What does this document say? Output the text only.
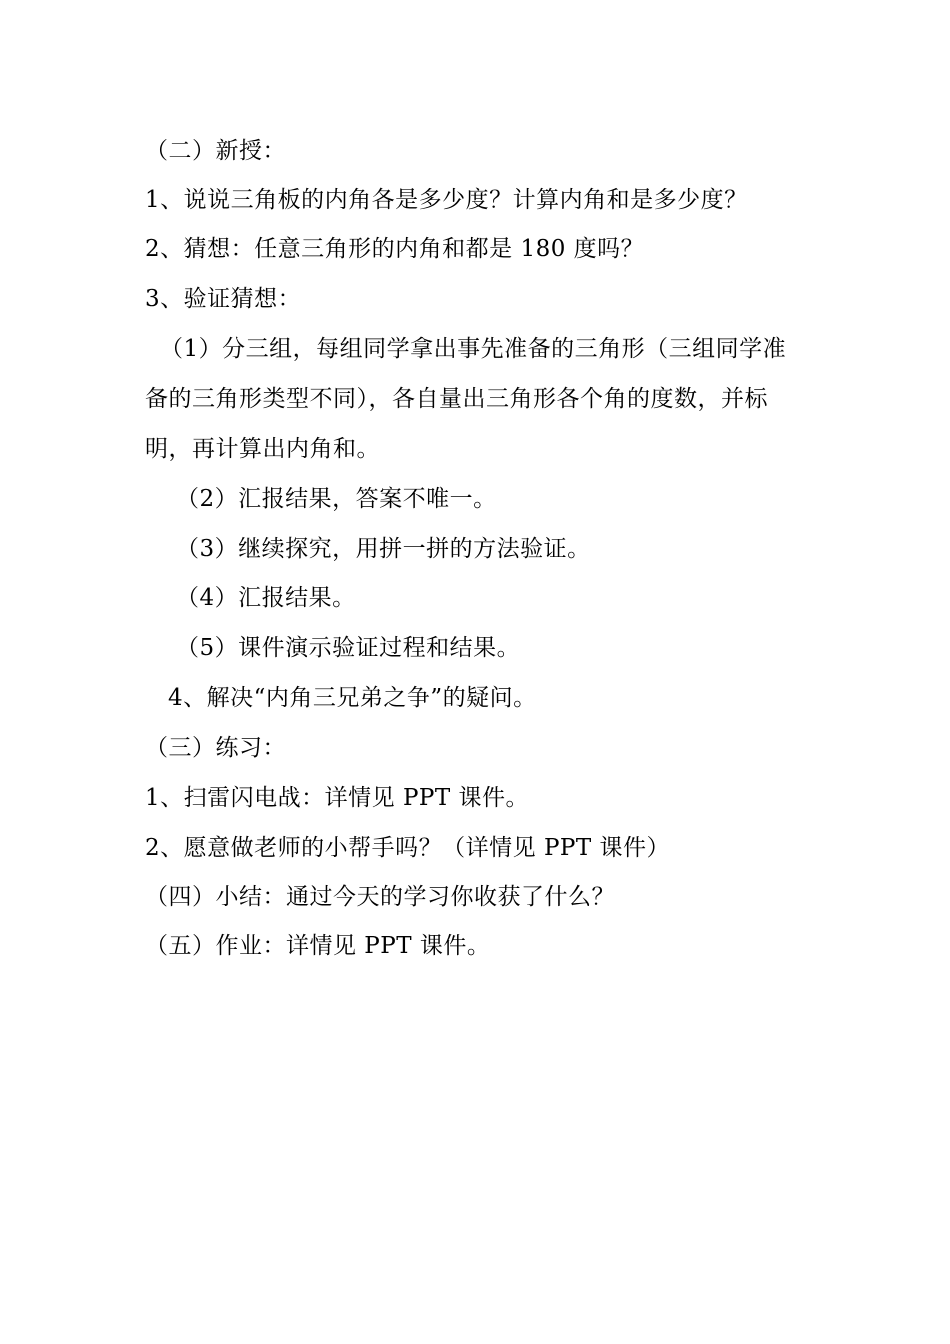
（二）新授：
1、说说三角板的内角各是多少度？计算内角和是多少度？
2、猜想：任意三角形的内角和都是 180 度吗？
3、验证猜想：
（1）分三组，每组同学拿出事先准备的三角形（三组同学准
备的三角形类型不同），各自量出三角形各个角的度数，并标
明，再计算出内角和。
（2）汇报结果，答案不唯一。
（3）继续探究，用拼一拼的方法验证。
（4）汇报结果。
（5）课件演示验证过程和结果。
4、解决“内角三兄弟之争”的疑问。
（三）练习：
1、扫雷闪电战：详情见 PPT 课件。
2、愿意做老师的小帮手吗？（详情见 PPT 课件）
（四）小结：通过今天的学习你收获了什么？
（五）作业：详情见 PPT 课件。
